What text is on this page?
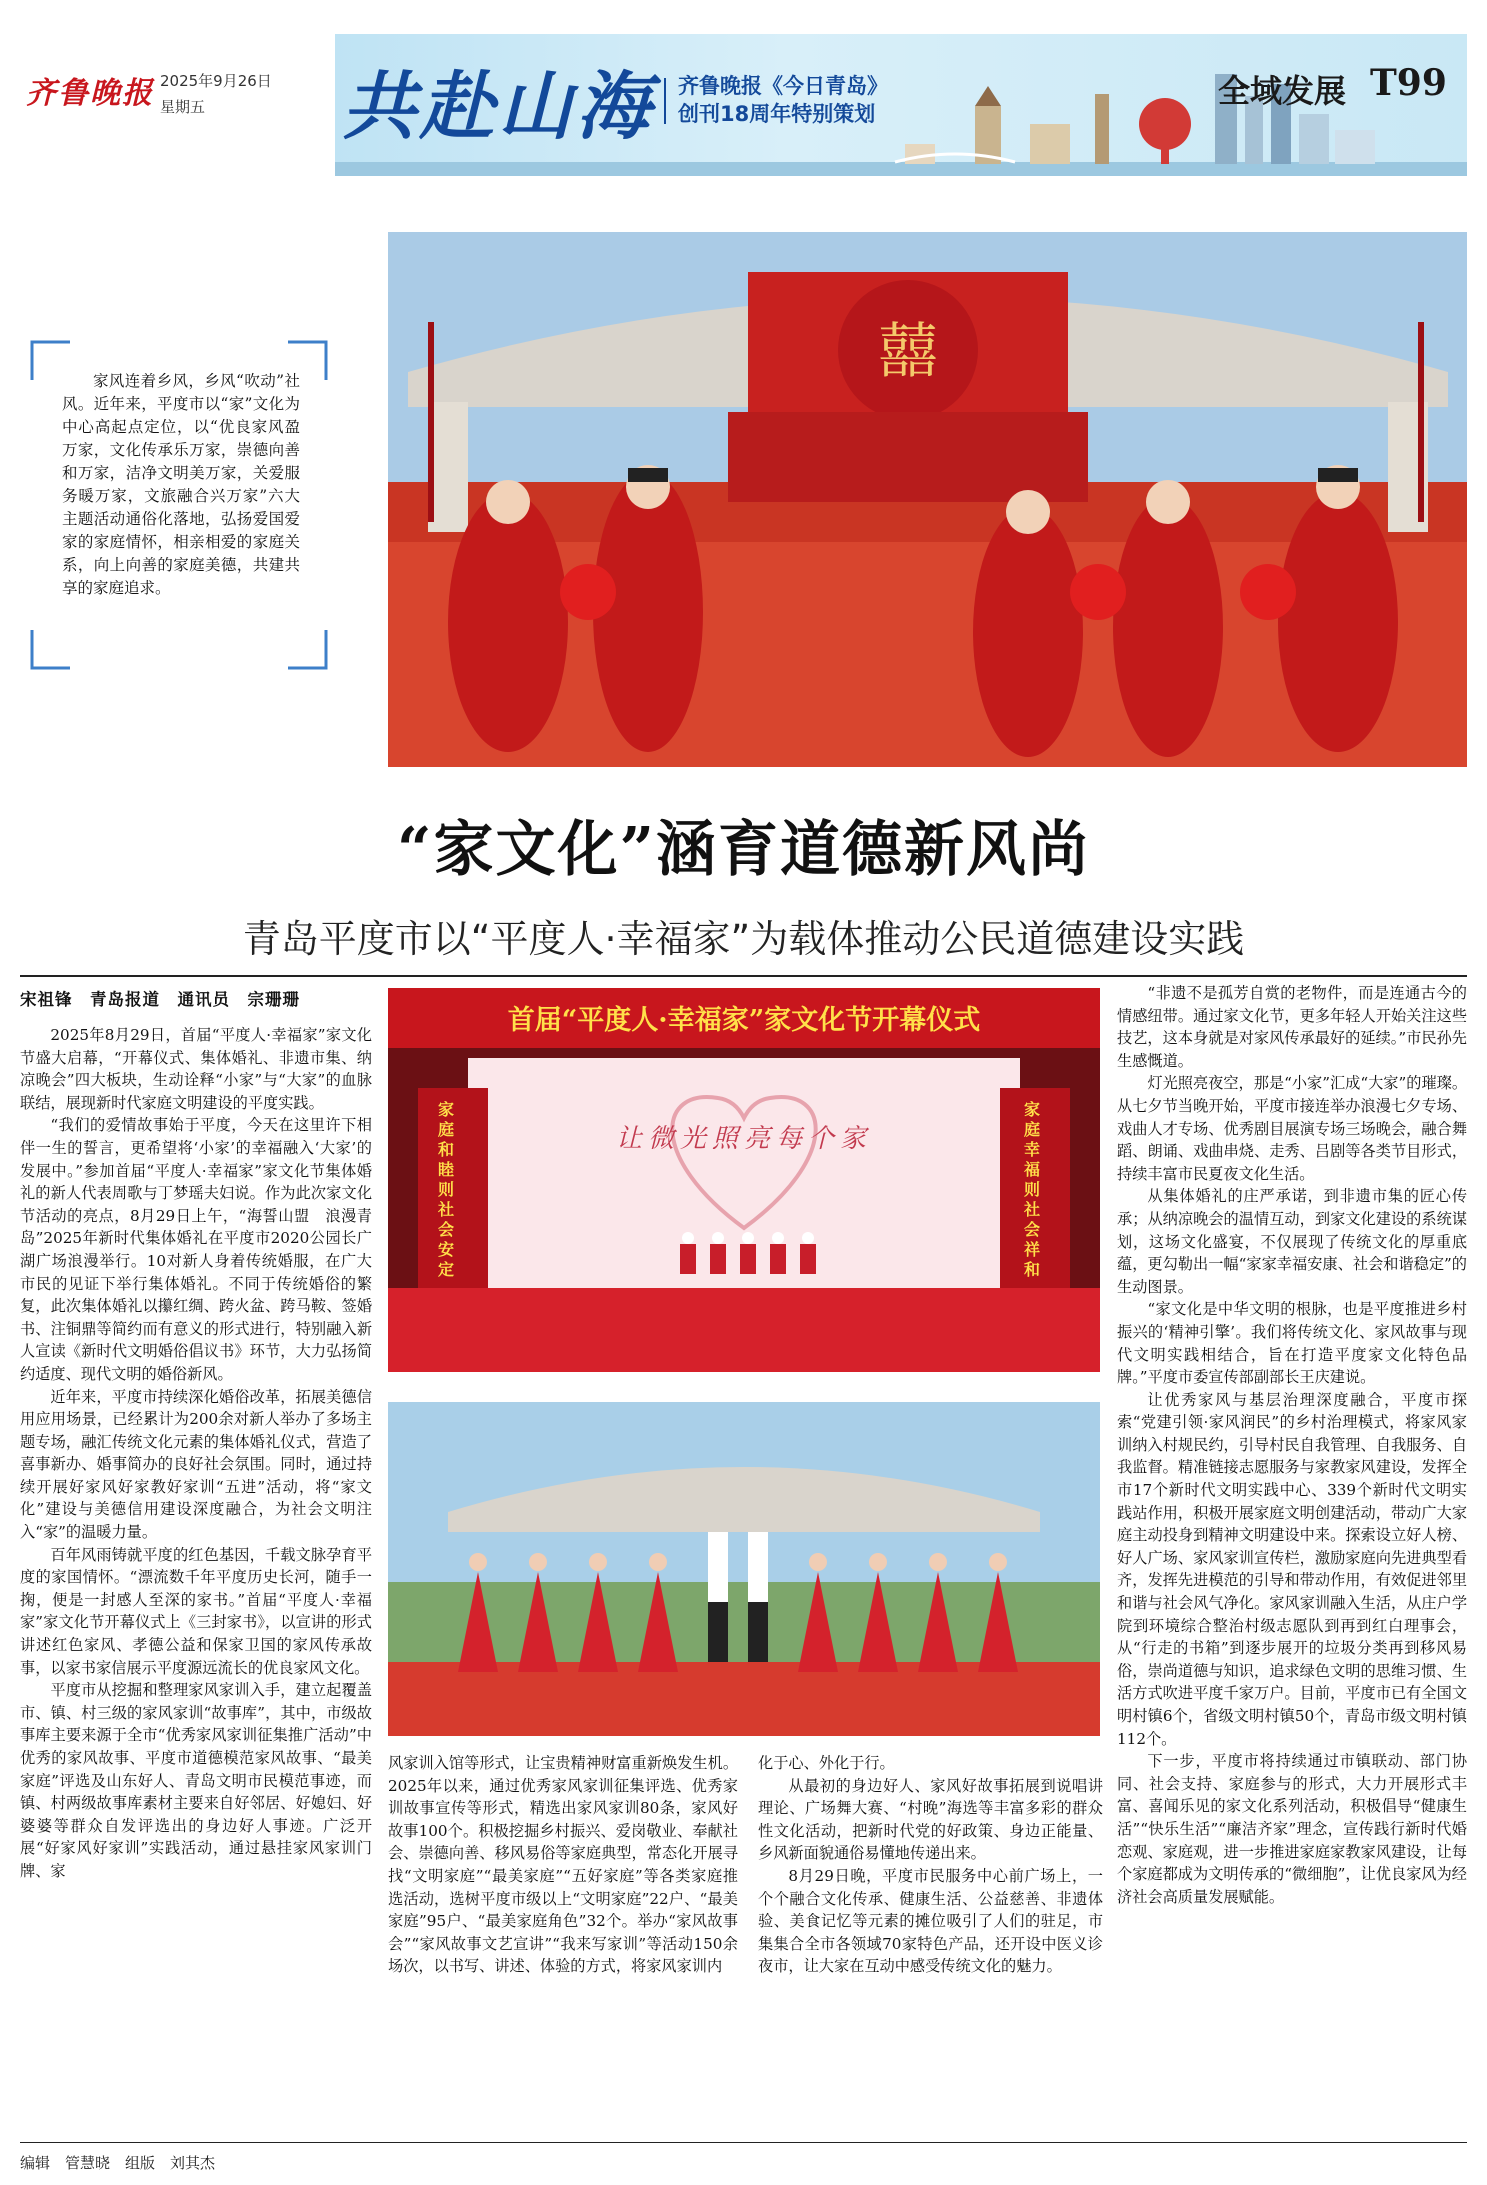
齐鲁晚报 2025年9月26日
星期五 共赴山海 齐鲁晚报《今日青岛》
创刊18周年特别策划
全域发展 T99
囍
家风连着乡风，乡风“吹动”社风。近年来，平度市以“家”文化为中心高起点定位，以“优良家风盈万家，文化传承乐万家，崇德向善和万家，洁净文明美万家，关爱服务暖万家，文旅融合兴万家”六大主题活动通俗化落地，弘扬爱国爱家的家庭情怀，相亲相爱的家庭关系，向上向善的家庭美德，共建共享的家庭追求。
“家文化”涵育道德新风尚
青岛平度市以“平度人·幸福家”为载体推动公民道德建设实践
宋祖锋　青岛报道　通讯员　宗珊珊

2025年8月29日，首届“平度人·幸福家”家文化节盛大启幕，“开幕仪式、集体婚礼、非遗市集、纳凉晚会”四大板块，生动诠释“小家”与“大家”的血脉联结，展现新时代家庭文明建设的平度实践。

“我们的爱情故事始于平度，今天在这里许下相伴一生的誓言，更希望将‘小家’的幸福融入‘大家’的发展中。”参加首届“平度人·幸福家”家文化节集体婚礼的新人代表周歌与丁梦瑶夫妇说。作为此次家文化节活动的亮点，8月29日上午，“海誓山盟　浪漫青岛”2025年新时代集体婚礼在平度市2020公园长广湖广场浪漫举行。10对新人身着传统婚服，在广大市民的见证下举行集体婚礼。不同于传统婚俗的繁复，此次集体婚礼以攥红绸、跨火盆、跨马鞍、签婚书、注铜鼎等简约而有意义的形式进行，特别融入新人宣读《新时代文明婚俗倡议书》环节，大力弘扬简约适度、现代文明的婚俗新风。

近年来，平度市持续深化婚俗改革，拓展美德信用应用场景，已经累计为200余对新人举办了多场主题专场，融汇传统文化元素的集体婚礼仪式，营造了喜事新办、婚事简办的良好社会氛围。同时，通过持续开展好家风好家教好家训“五进”活动，将“家文化”建设与美德信用建设深度融合，为社会文明注入“家”的温暖力量。

百年风雨铸就平度的红色基因，千载文脉孕育平度的家国情怀。“漂流数千年平度历史长河，随手一掬，便是一封感人至深的家书。”首届“平度人·幸福家”家文化节开幕仪式上《三封家书》，以宣讲的形式讲述红色家风、孝德公益和保家卫国的家风传承故事，以家书家信展示平度源远流长的优良家风文化。

平度市从挖掘和整理家风家训入手，建立起覆盖市、镇、村三级的家风家训“故事库”，其中，市级故事库主要来源于全市“优秀家风家训征集推广活动”中优秀的家风故事、平度市道德模范家风故事、“最美家庭”评选及山东好人、青岛文明市民模范事迹，而镇、村两级故事库素材主要来自好邻居、好媳妇、好婆婆等群众自发评选出的身边好人事迹。广泛开展“好家风好家训”实践活动，通过悬挂家风家训门牌、家

首届“平度人·幸福家”家文化节开幕仪式
让微光照亮每个家
家庭和睦则社会安定
家庭幸福则社会祥和

风家训入馆等形式，让宝贵精神财富重新焕发生机。2025年以来，通过优秀家风家训征集评选、优秀家训故事宣传等形式，精选出家风家训80条，家风好故事100个。积极挖掘乡村振兴、爱岗敬业、奉献社会、崇德向善、移风易俗等家庭典型，常态化开展寻找“文明家庭”“最美家庭”“五好家庭”等各类家庭推选活动，选树平度市级以上“文明家庭”22户、“最美家庭”95户、“最美家庭角色”32个。举办“家风故事会”“家风故事文艺宣讲”“我来写家训”等活动150余场次，以书写、讲述、体验的方式，将家风家训内

化于心、外化于行。

从最初的身边好人、家风好故事拓展到说唱讲理论、广场舞大赛、“村晚”海选等丰富多彩的群众性文化活动，把新时代党的好政策、身边正能量、乡风新面貌通俗易懂地传递出来。

8月29日晚，平度市民服务中心前广场上，一个个融合文化传承、健康生活、公益慈善、非遗体验、美食记忆等元素的摊位吸引了人们的驻足，市集集合全市各领域70家特色产品，还开设中医义诊夜市，让大家在互动中感受传统文化的魅力。

“非遗不是孤芳自赏的老物件，而是连通古今的情感纽带。通过家文化节，更多年轻人开始关注这些技艺，这本身就是对家风传承最好的延续。”市民孙先生感慨道。

灯光照亮夜空，那是“小家”汇成“大家”的璀璨。从七夕节当晚开始，平度市接连举办浪漫七夕专场、戏曲人才专场、优秀剧目展演专场三场晚会，融合舞蹈、朗诵、戏曲串烧、走秀、吕剧等各类节目形式，持续丰富市民夏夜文化生活。

从集体婚礼的庄严承诺，到非遗市集的匠心传承；从纳凉晚会的温情互动，到家文化建设的系统谋划，这场文化盛宴，不仅展现了传统文化的厚重底蕴，更勾勒出一幅“家家幸福安康、社会和谐稳定”的生动图景。

“家文化是中华文明的根脉，也是平度推进乡村振兴的‘精神引擎’。我们将传统文化、家风故事与现代文明实践相结合，旨在打造平度家文化特色品牌。”平度市委宣传部副部长王庆建说。

让优秀家风与基层治理深度融合，平度市探索“党建引领·家风润民”的乡村治理模式，将家风家训纳入村规民约，引导村民自我管理、自我服务、自我监督。精准链接志愿服务与家教家风建设，发挥全市17个新时代文明实践中心、339个新时代文明实践站作用，积极开展家庭文明创建活动，带动广大家庭主动投身到精神文明建设中来。探索设立好人榜、好人广场、家风家训宣传栏，激励家庭向先进典型看齐，发挥先进模范的引导和带动作用，有效促进邻里和谐与社会风气净化。家风家训融入生活，从庄户学院到环境综合整治村级志愿队到再到红白理事会，从“行走的书箱”到逐步展开的垃圾分类再到移风易俗，崇尚道德与知识，追求绿色文明的思维习惯、生活方式吹进平度千家万户。目前，平度市已有全国文明村镇6个，省级文明村镇50个，青岛市级文明村镇112个。

下一步，平度市将持续通过市镇联动、部门协同、社会支持、家庭参与的形式，大力开展形式丰富、喜闻乐见的家文化系列活动，积极倡导“健康生活”“快乐生活”“廉洁齐家”理念，宣传践行新时代婚恋观、家庭观，进一步推进家庭家教家风建设，让每个家庭都成为文明传承的“微细胞”，让优良家风为经济社会高质量发展赋能。

编辑　管慧晓　组版　刘其杰
